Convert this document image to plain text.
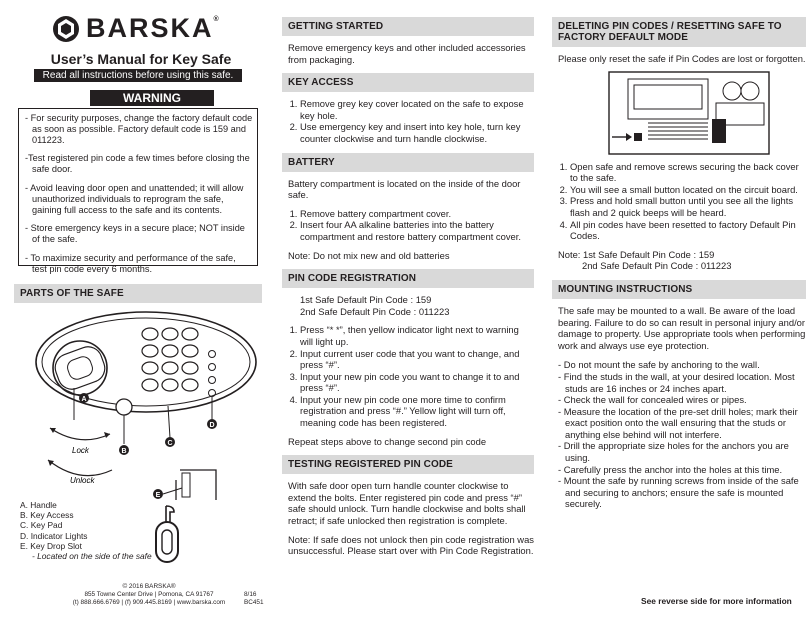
BARSKA®
User’s Manual for Key Safe
Read all instructions before using this safe.
WARNING

- For security purposes, change the factory default code as soon as possible. Factory default code is 159 and 011223.

-Test registered pin code a few times before closing the safe door.

- Avoid leaving door open and unattended; it will allow unauthorized individuals to reprogram the safe, gaining full access to the safe and its contents.

- Store emergency keys in a secure place; NOT inside of the safe.

- To maximize security and performance of the safe, test pin code every 6 months.

PARTS OF THE SAFE
A
B
C
D
Lock
Unlock
E
A. Handle
B. Key Access
C. Key Pad
D. Indicator Lights
E. Key Drop Slot
- Located on the side of the safe
© 2016 BARSKA®
855 Towne Center Drive | Pomona, CA 91767
(t) 888.666.6769 | (f) 909.445.8169 | www.barska.com
8/16
BC451
GETTING STARTED

Remove emergency keys and other included accessories from packaging.

KEY ACCESS
1. Remove grey key cover located on the safe to expose key hole.
2. Use emergency key and insert into key hole, turn key counter clockwise and turn handle clockwise.
BATTERY

Battery compartment is located on the inside of the door safe.

1. Remove battery compartment cover.
2. Insert four AA alkaline batteries into the battery compartment and restore battery compartment cover.

Note: Do not mix new and old batteries

PIN CODE REGISTRATION

1st Safe Default Pin Code : 159

2nd Safe Default Pin Code : 011223

1. Press “* *”, then yellow indicator light next to warning will light up.
2. Input current user code that you want to change, and press “#”.
3. Input your new pin code you want to change it to and press “#”.
4. Input your new pin code one more time to confirm registration and press “#.” Yellow light will turn off, meaning code has been registered.

Repeat steps above to change second pin code

TESTING REGISTERED PIN CODE

With safe door open turn handle counter clockwise to extend the bolts. Enter registered pin code and press “#” safe should unlock. Turn handle clockwise and bolts shall retract; if safe unlocked then registration is complete.

Note: If safe does not unlock then pin code registration was unsuccessful. Please start over with Pin Code Registration.

DELETING PIN CODES / RESETTING SAFE TO FACTORY DEFAULT MODE

Please only reset the safe if Pin Codes are lost or forgotten.

1. Open safe and remove screws securing the back cover to the safe.
2. You will see a small button located on the circuit board.
3. Press and hold small button until you see all the lights flash and 2 quick beeps will be heard.
4. All pin codes have been resetted to factory Default Pin Codes.

Note: 1st Safe Default Pin Code : 159

2nd Safe Default Pin Code : 011223

MOUNTING INSTRUCTIONS

The safe may be mounted to a wall. Be aware of the load bearing. Failure to do so can result in personal injury and/or damage to property. Use appropriate tools when performing work and always use eye protection.

- Do not mount the safe by anchoring to the wall.

- Find the studs in the wall, at your desired location. Most studs are 16 inches or 24 inches apart.

- Check the wall for concealed wires or pipes.

- Measure the location of the pre-set drill holes; mark their exact position onto the wall ensuring that the studs or anything else behind will not interfere.

- Drill the appropriate size holes for the anchors you are using.

- Carefully press the anchor into the holes at this time.

- Mount the safe by running screws from inside of the safe and securing to anchors; ensure the safe is mounted securely.

See reverse side for more information
